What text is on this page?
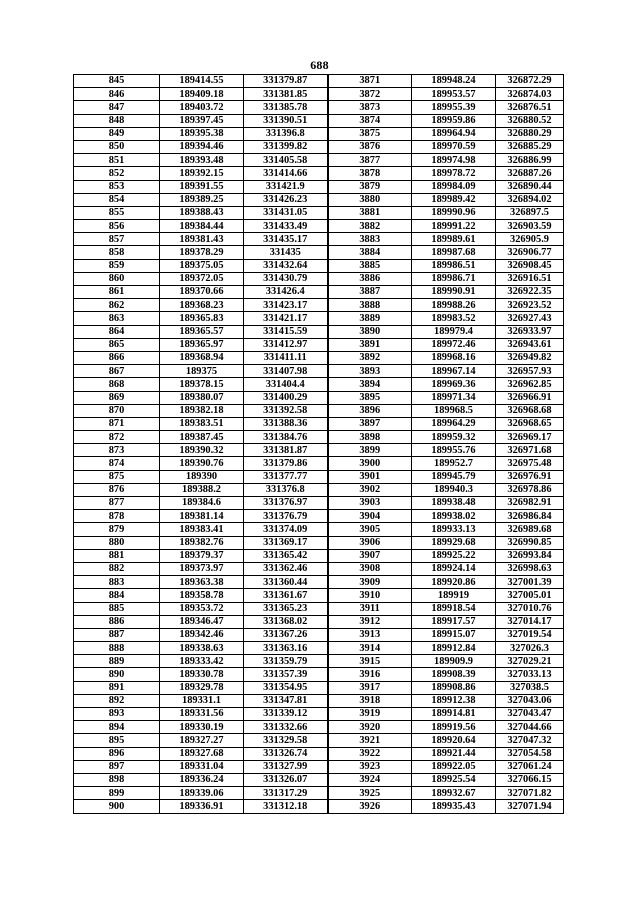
688
845	189414.55	331379.87	3871	189948.24	326872.29
846	189409.18	331381.85	3872	189953.57	326874.03
847	189403.72	331385.78	3873	189955.39	326876.51
848	189397.45	331390.51	3874	189959.86	326880.52
849	189395.38	331396.8	3875	189964.94	326880.29
850	189394.46	331399.82	3876	189970.59	326885.29
851	189393.48	331405.58	3877	189974.98	326886.99
852	189392.15	331414.66	3878	189978.72	326887.26
853	189391.55	331421.9	3879	189984.09	326890.44
854	189389.25	331426.23	3880	189989.42	326894.02
855	189388.43	331431.05	3881	189990.96	326897.5
856	189384.44	331433.49	3882	189991.22	326903.59
857	189381.43	331435.17	3883	189989.61	326905.9
858	189378.29	331435	3884	189987.68	326906.77
859	189375.05	331432.64	3885	189986.51	326908.45
860	189372.05	331430.79	3886	189986.71	326916.51
861	189370.66	331426.4	3887	189990.91	326922.35
862	189368.23	331423.17	3888	189988.26	326923.52
863	189365.83	331421.17	3889	189983.52	326927.43
864	189365.57	331415.59	3890	189979.4	326933.97
865	189365.97	331412.97	3891	189972.46	326943.61
866	189368.94	331411.11	3892	189968.16	326949.82
867	189375	331407.98	3893	189967.14	326957.93
868	189378.15	331404.4	3894	189969.36	326962.85
869	189380.07	331400.29	3895	189971.34	326966.91
870	189382.18	331392.58	3896	189968.5	326968.68
871	189383.51	331388.36	3897	189964.29	326968.65
872	189387.45	331384.76	3898	189959.32	326969.17
873	189390.32	331381.87	3899	189955.76	326971.68
874	189390.76	331379.86	3900	189952.7	326975.48
875	189390	331377.77	3901	189945.79	326976.91
876	189388.2	331376.8	3902	189940.3	326978.86
877	189384.6	331376.97	3903	189938.48	326982.91
878	189381.14	331376.79	3904	189938.02	326986.84
879	189383.41	331374.09	3905	189933.13	326989.68
880	189382.76	331369.17	3906	189929.68	326990.85
881	189379.37	331365.42	3907	189925.22	326993.84
882	189373.97	331362.46	3908	189924.14	326998.63
883	189363.38	331360.44	3909	189920.86	327001.39
884	189358.78	331361.67	3910	189919	327005.01
885	189353.72	331365.23	3911	189918.54	327010.76
886	189346.47	331368.02	3912	189917.57	327014.17
887	189342.46	331367.26	3913	189915.07	327019.54
888	189338.63	331363.16	3914	189912.84	327026.3
889	189333.42	331359.79	3915	189909.9	327029.21
890	189330.78	331357.39	3916	189908.39	327033.13
891	189329.78	331354.95	3917	189908.86	327038.5
892	189331.1	331347.81	3918	189912.38	327043.06
893	189331.56	331339.12	3919	189914.81	327043.47
894	189330.19	331332.66	3920	189919.56	327044.66
895	189327.27	331329.58	3921	189920.64	327047.32
896	189327.68	331326.74	3922	189921.44	327054.58
897	189331.04	331327.99	3923	189922.05	327061.24
898	189336.24	331326.07	3924	189925.54	327066.15
899	189339.06	331317.29	3925	189932.67	327071.82
900	189336.91	331312.18	3926	189935.43	327071.94
